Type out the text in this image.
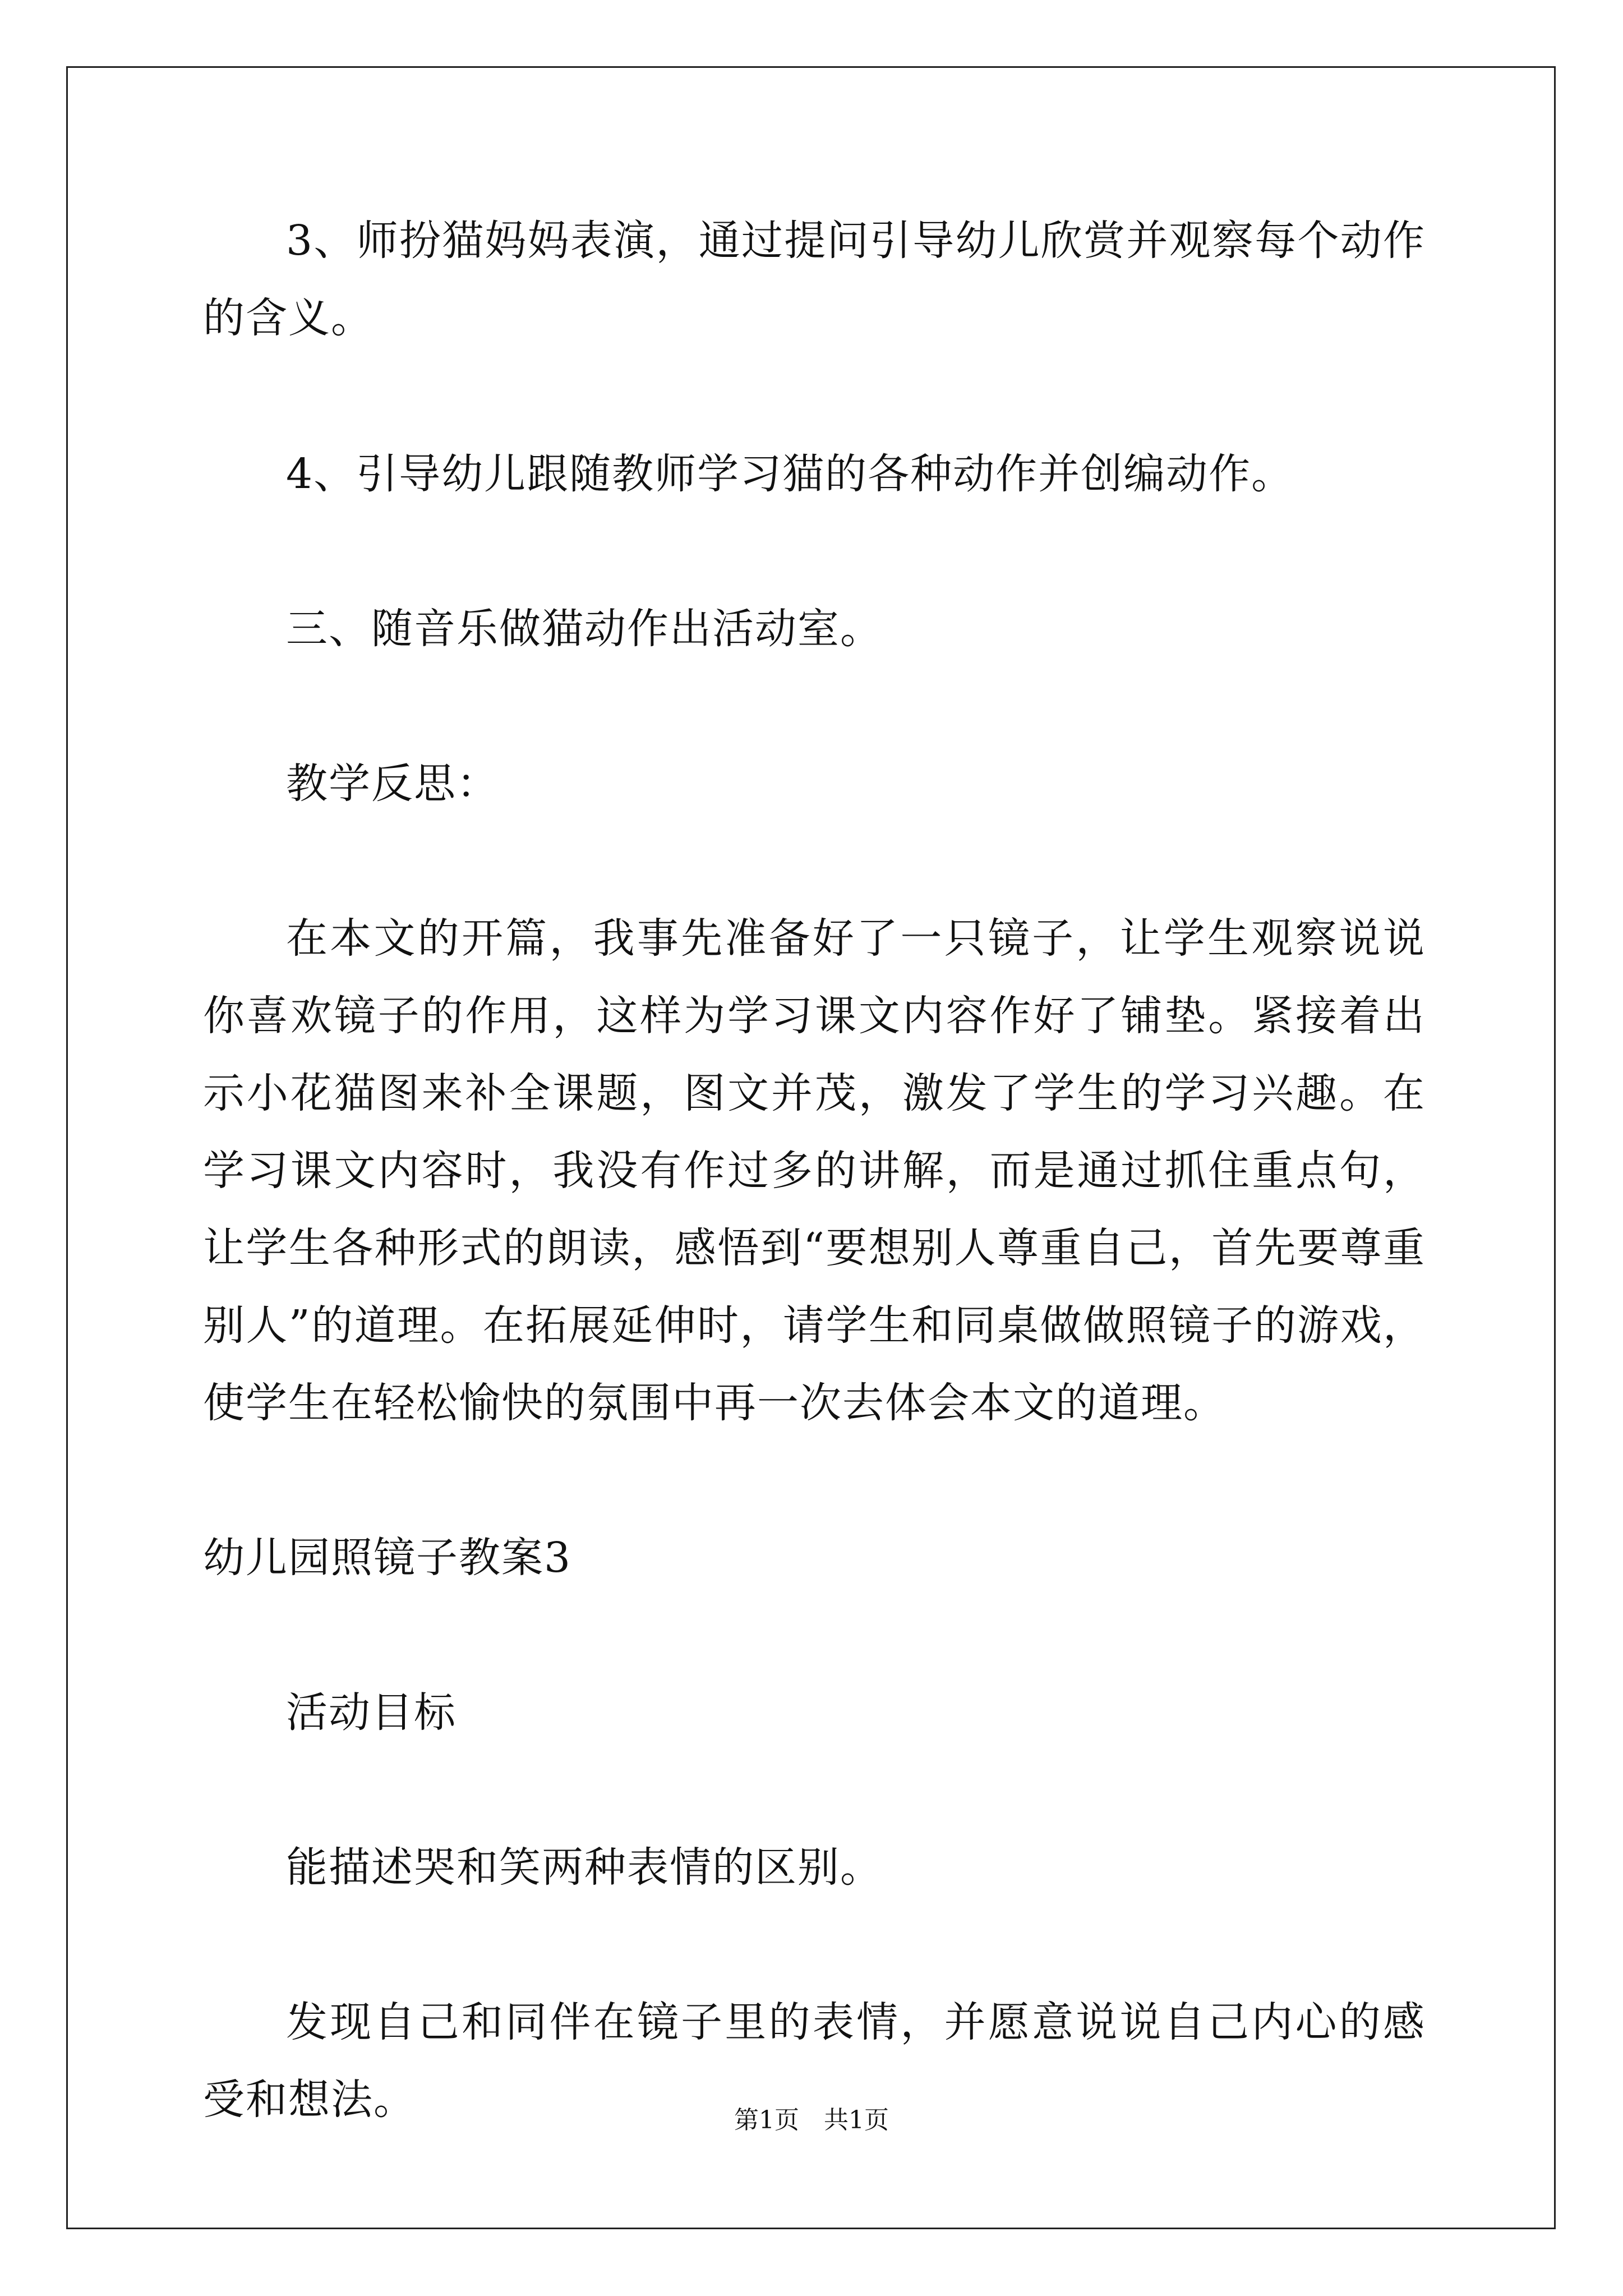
3、师扮猫妈妈表演，通过提问引导幼儿欣赏并观察每个动作的含义。

4、引导幼儿跟随教师学习猫的各种动作并创编动作。

三、随音乐做猫动作出活动室。

教学反思：

在本文的开篇，我事先准备好了一只镜子，让学生观察说说你喜欢镜子的作用，这样为学习课文内容作好了铺垫。紧接着出示小花猫图来补全课题，图文并茂，激发了学生的学习兴趣。在学习课文内容时，我没有作过多的讲解，而是通过抓住重点句，让学生各种形式的朗读，感悟到“要想别人尊重自己，首先要尊重别人”的道理。在拓展延伸时，请学生和同桌做做照镜子的游戏，使学生在轻松愉快的氛围中再一次去体会本文的道理。

幼儿园照镜子教案3

活动目标

能描述哭和笑两种表情的区别。

发现自己和同伴在镜子里的表情，并愿意说说自己内心的感受和想法。	第1页　共1页
